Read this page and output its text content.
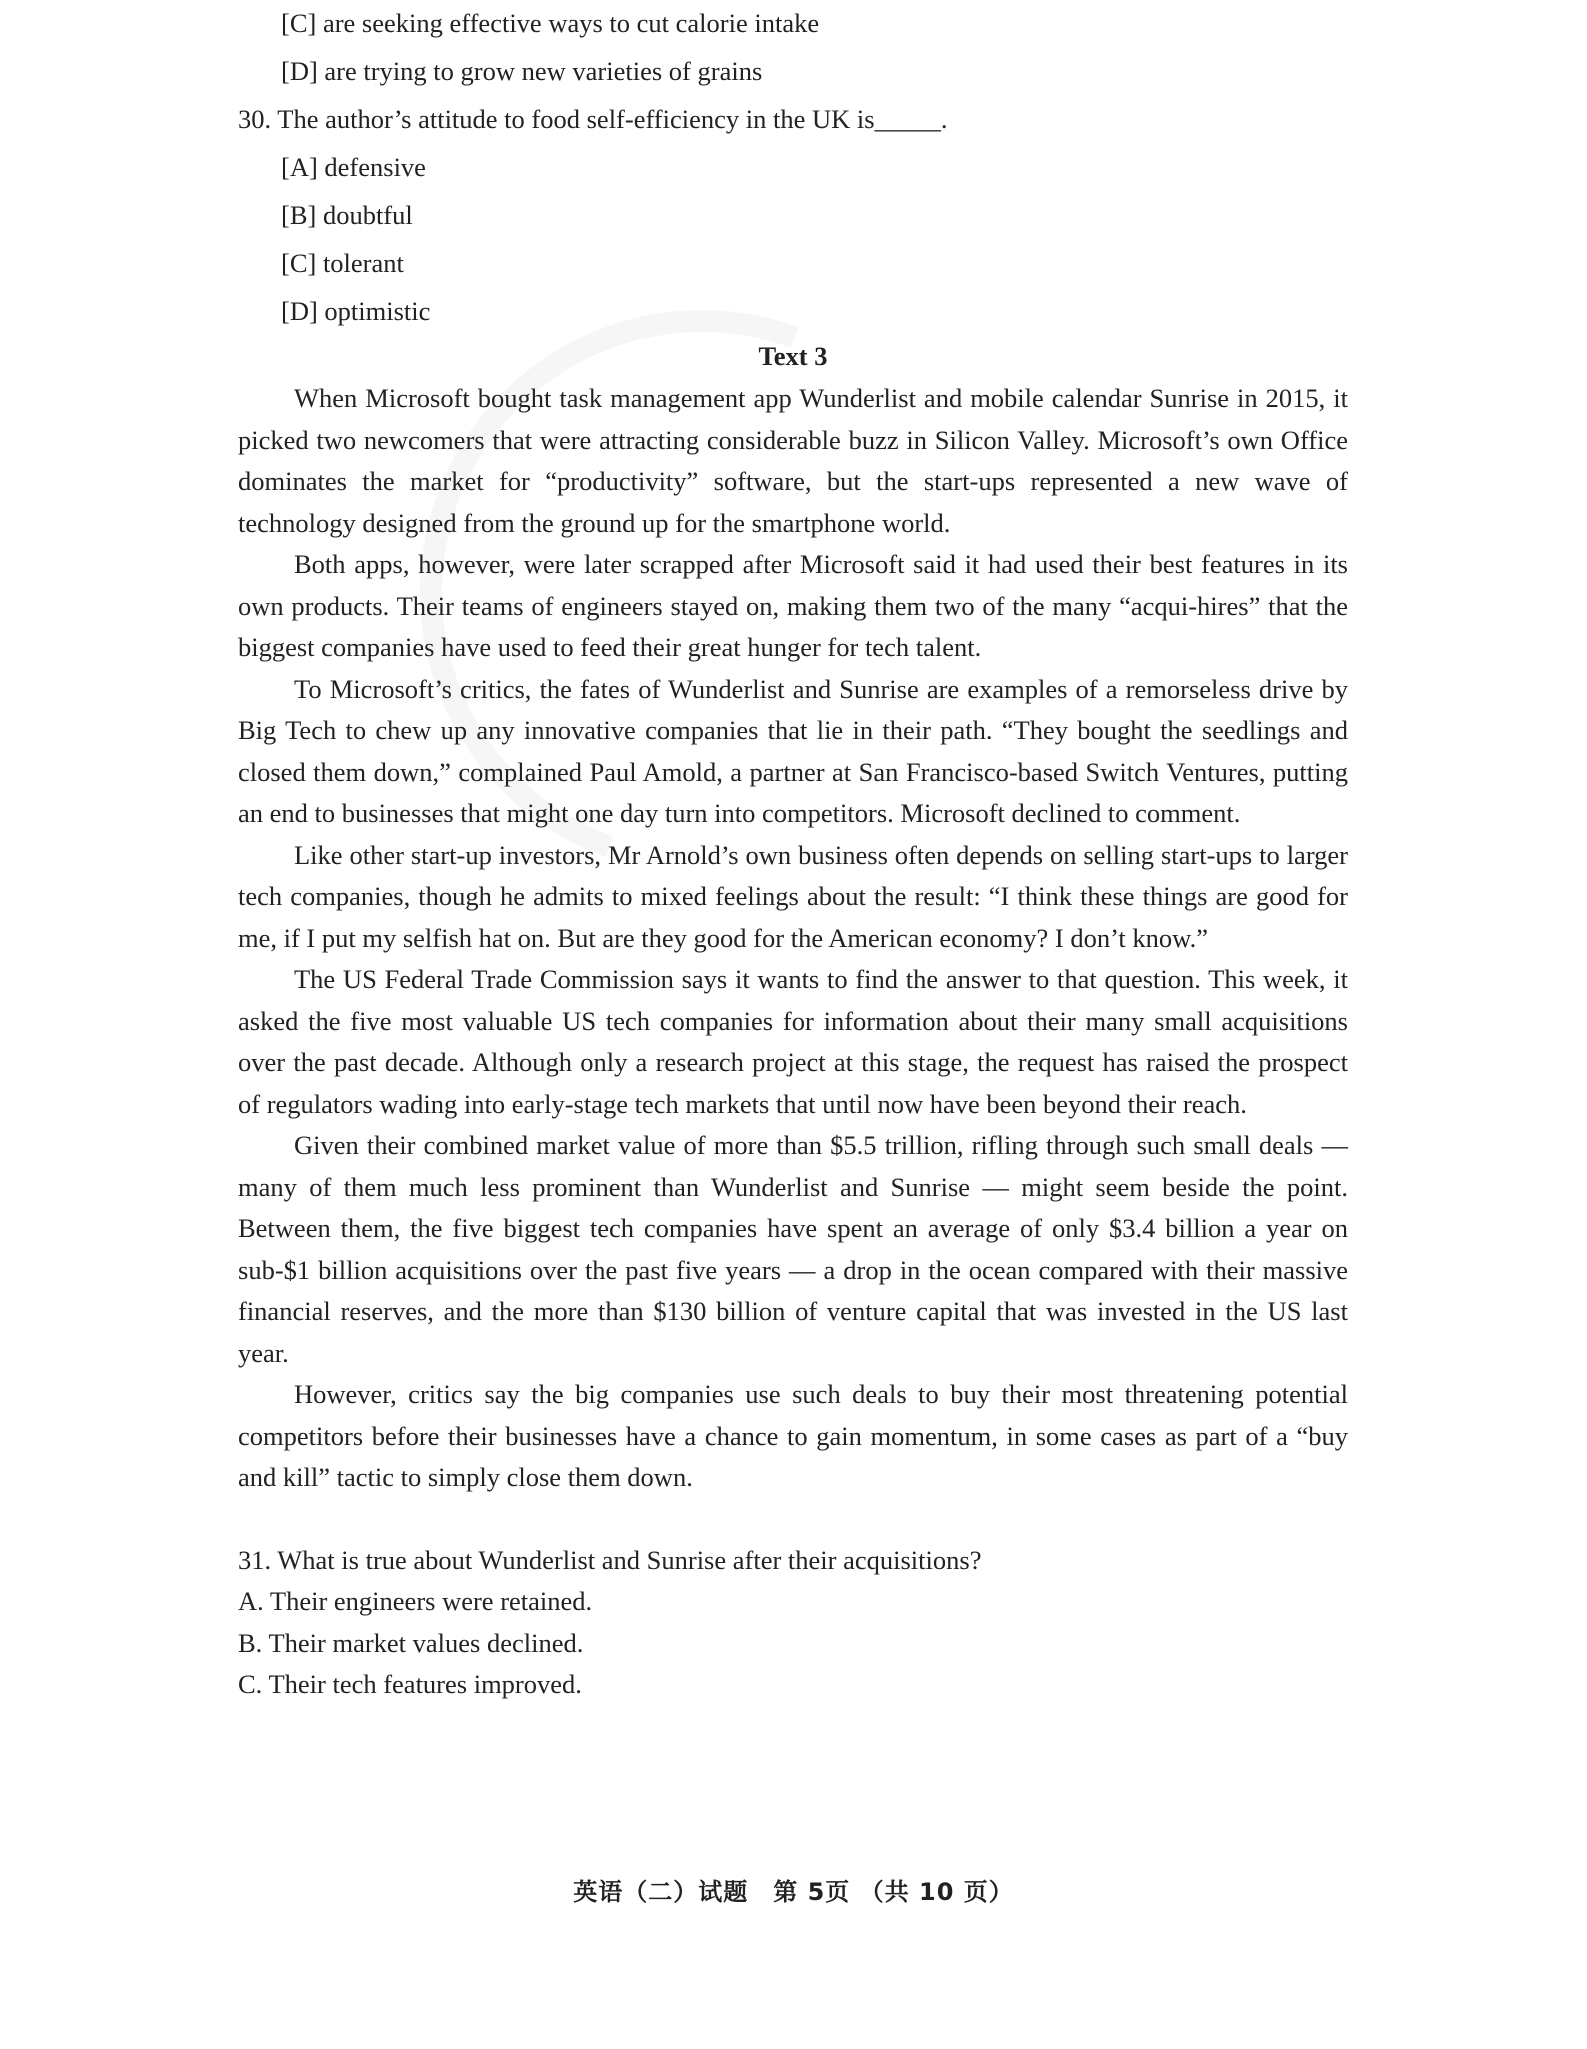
[C] are seeking effective ways to cut calorie intake
[D] are trying to grow new varieties of grains
30. The author’s attitude to food self-efficiency in the UK is_____.
[A] defensive
[B] doubtful
[C] tolerant
[D] optimistic
Text 3

When Microsoft bought task management app Wunderlist and mobile calendar Sunrise in 2015, it picked two newcomers that were attracting considerable buzz in Silicon Valley. Microsoft’s own Office dominates the market for “productivity” software, but the start-ups represented a new wave of technology designed from the ground up for the smartphone world.

Both apps, however, were later scrapped after Microsoft said it had used their best features in its own products. Their teams of engineers stayed on, making them two of the many “acqui-hires” that the biggest companies have used to feed their great hunger for tech talent.

To Microsoft’s critics, the fates of Wunderlist and Sunrise are examples of a remorseless drive by Big Tech to chew up any innovative companies that lie in their path. “They bought the seedlings and closed them down,” complained Paul Amold, a partner at San Francisco-based Switch Ventures, putting an end to businesses that might one day turn into competitors. Microsoft declined to comment.

Like other start-up investors, Mr Arnold’s own business often depends on selling start-ups to larger tech companies, though he admits to mixed feelings about the result: “I think these things are good for me, if I put my selfish hat on. But are they good for the American economy? I don’t know.”

The US Federal Trade Commission says it wants to find the answer to that question. This week, it asked the five most valuable US tech companies for information about their many small acquisitions over the past decade. Although only a research project at this stage, the request has raised the prospect of regulators wading into early-stage tech markets that until now have been beyond their reach.

Given their combined market value of more than $5.5 trillion, rifling through such small deals — many of them much less prominent than Wunderlist and Sunrise — might seem beside the point. Between them, the five biggest tech companies have spent an average of only $3.4 billion a year on sub-$1 billion acquisitions over the past five years — a drop in the ocean compared with their massive financial reserves, and the more than $130 billion of venture capital that was invested in the US last year.

However, critics say the big companies use such deals to buy their most threatening potential competitors before their businesses have a chance to gain momentum, in some cases as part of a “buy and kill” tactic to simply close them down.

31. What is true about Wunderlist and Sunrise after their acquisitions?
A. Their engineers were retained.
B. Their market values declined.
C. Their tech features improved.
英语（二）试题　第 5页 （共 10 页）
